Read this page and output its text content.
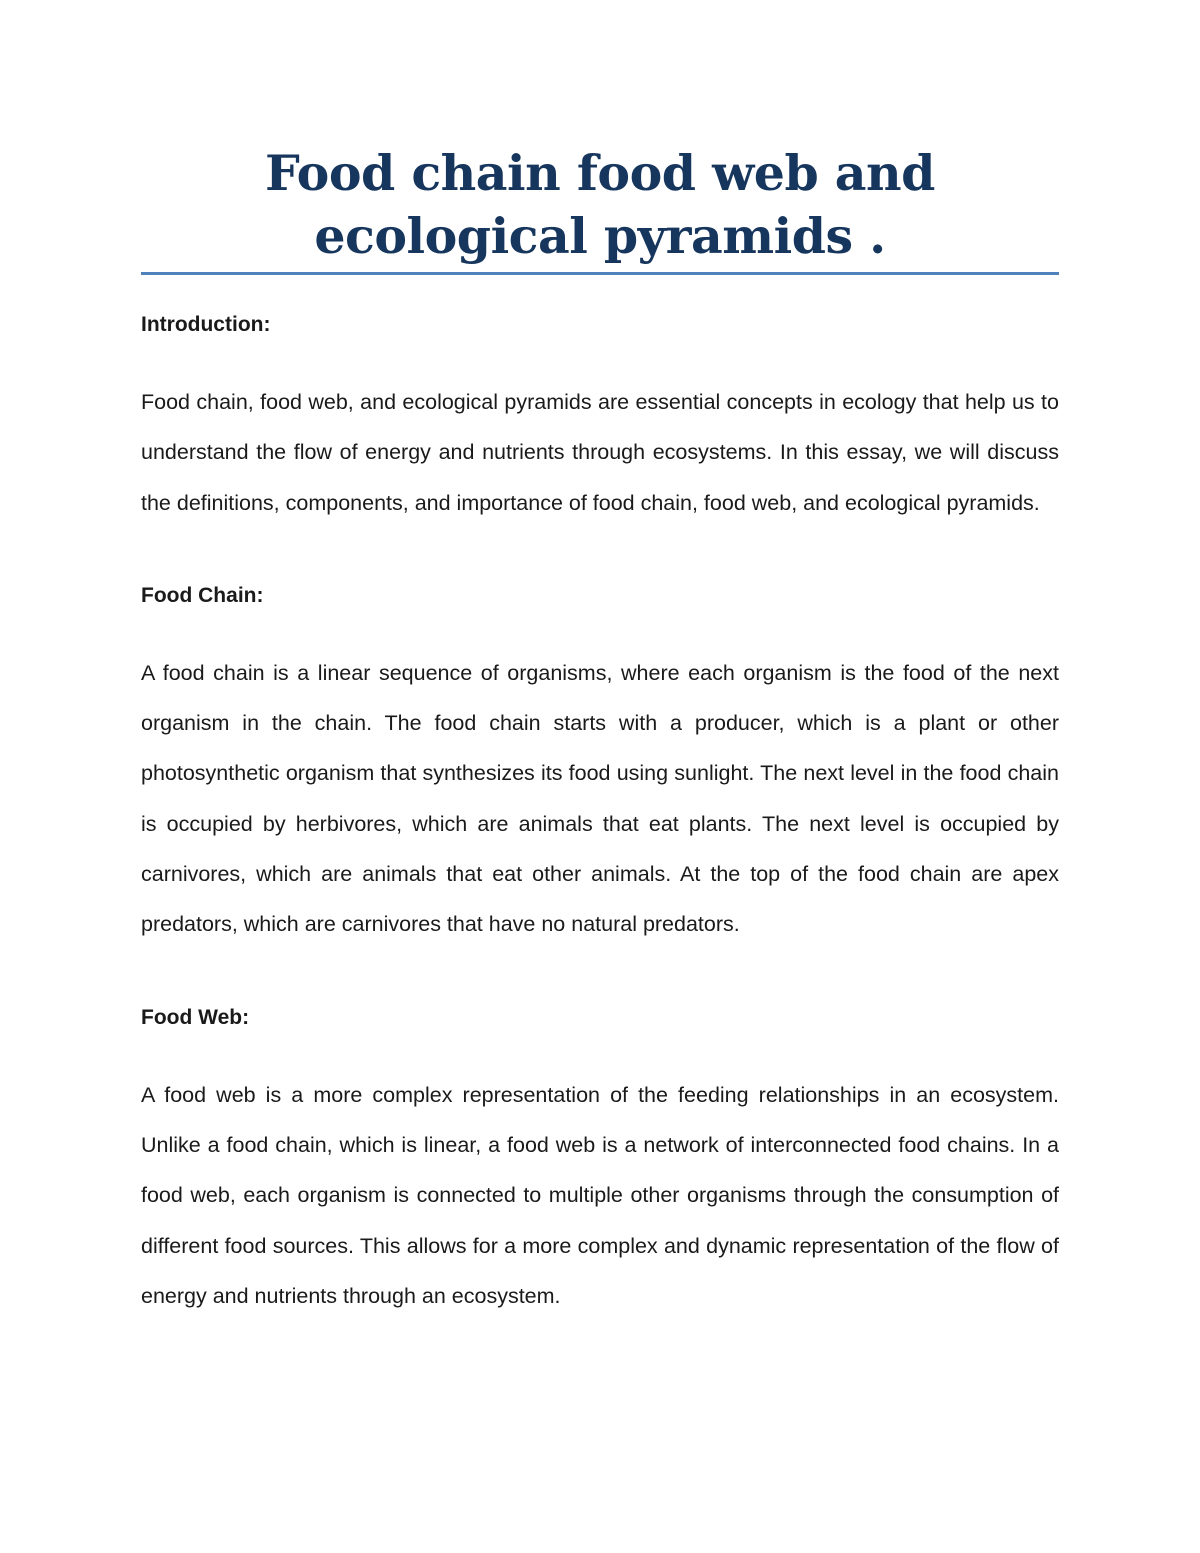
Food chain food web and ecological pyramids .

Introduction:

Food chain, food web, and ecological pyramids are essential concepts in ecology that help us to understand the flow of energy and nutrients through ecosystems. In this essay, we will discuss the definitions, components, and importance of food chain, food web, and ecological pyramids.

Food Chain:

A food chain is a linear sequence of organisms, where each organism is the food of the next organism in the chain. The food chain starts with a producer, which is a plant or other photosynthetic organism that synthesizes its food using sunlight. The next level in the food chain is occupied by herbivores, which are animals that eat plants. The next level is occupied by carnivores, which are animals that eat other animals. At the top of the food chain are apex predators, which are carnivores that have no natural predators.

Food Web:

A food web is a more complex representation of the feeding relationships in an ecosystem. Unlike a food chain, which is linear, a food web is a network of interconnected food chains. In a food web, each organism is connected to multiple other organisms through the consumption of different food sources. This allows for a more complex and dynamic representation of the flow of energy and nutrients through an ecosystem.
